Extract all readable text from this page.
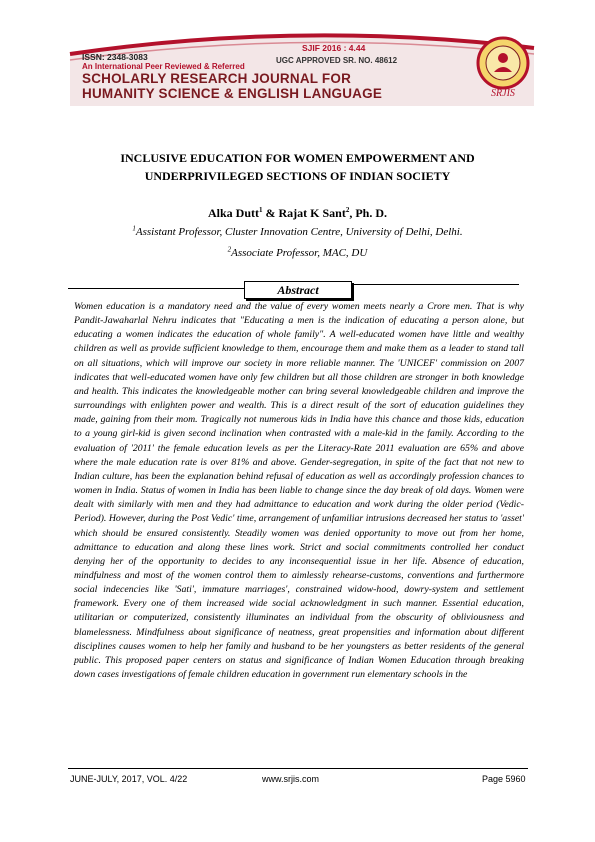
ISSN: 2348-3083
SJIF 2016 : 4.44
UGC APPROVED SR. NO. 48612
An International Peer Reviewed & Referred
SCHOLARLY RESEARCH JOURNAL FOR
HUMANITY SCIENCE & ENGLISH LANGUAGE	SRJIS
INCLUSIVE EDUCATION FOR WOMEN EMPOWERMENT AND
UNDERPRIVILEGED SECTIONS OF INDIAN SOCIETY
Alka Dutt$^1$ & Rajat K Sant$^2$, Ph. D.
$^1$Assistant Professor, Cluster Innovation Centre, University of Delhi, Delhi.
$^2$Associate Professor, MAC, DU
Abstract
Women education is a mandatory need and the value of every women meets nearly a Crore men. That is why Pandit-Jawaharlal Nehru indicates that "Educating a men is the indication of educating a person alone, but educating a women indicates the education of whole family". A well-educated women have little and wealthy children as well as provide sufficient knowledge to them, encourage them and make them as a leader to stand tall on all situations, which will improve our society in more reliable manner. The 'UNICEF' commission on 2007 indicates that well-educated women have only few children but all those children are stronger in both knowledge and health. This indicates the knowledgeable mother can bring several knowledgeable children and improve the surroundings with enlighten power and wealth. This is a direct result of the sort of education guidelines they made, gaining from their mom. Tragically not numerous kids in India have this chance and those kids, education to a young girl-kid is given second inclination when contrasted with a male-kid in the family. According to the evaluation of '2011' the female education levels as per the Literacy-Rate 2011 evaluation are 65% and above where the male education rate is over 81% and above. Gender-segregation, in spite of the fact that not new to Indian culture, has been the explanation behind refusal of education as well as accordingly profession chances to women in India. Status of women in India has been liable to change since the day break of old days. Women were dealt with similarly with men and they had admittance to education and work during the older period (Vedic-Period). However, during the Post Vedic' time, arrangement of unfamiliar intrusions decreased her status to 'asset' which should be ensured consistently. Steadily women was denied opportunity to move out from her home, admittance to education and along these lines work. Strict and social commitments controlled her conduct denying her of the opportunity to decides to any inconsequential issue in her life. Absence of education, mindfulness and most of the women control them to aimlessly rehearse-customs, conventions and furthermore social indecencies like 'Sati', immature marriages', constrained widow-hood, dowry-system and settlement framework. Every one of them increased wide social acknowledgment in such manner. Essential education, utilitarian or computerized, consistently illuminates an individual from the obscurity of obliviousness and blamelessness. Mindfulness about significance of neatness, great propensities and information about different disciplines causes women to help her family and husband to be her youngsters as better residents of the general public. This proposed paper centers on status and significance of Indian Women Education through breaking down cases investigations of female children education in government run elementary schools in the
JUNE-JULY, 2017, VOL. 4/22	www.srjis.com	Page 5960
